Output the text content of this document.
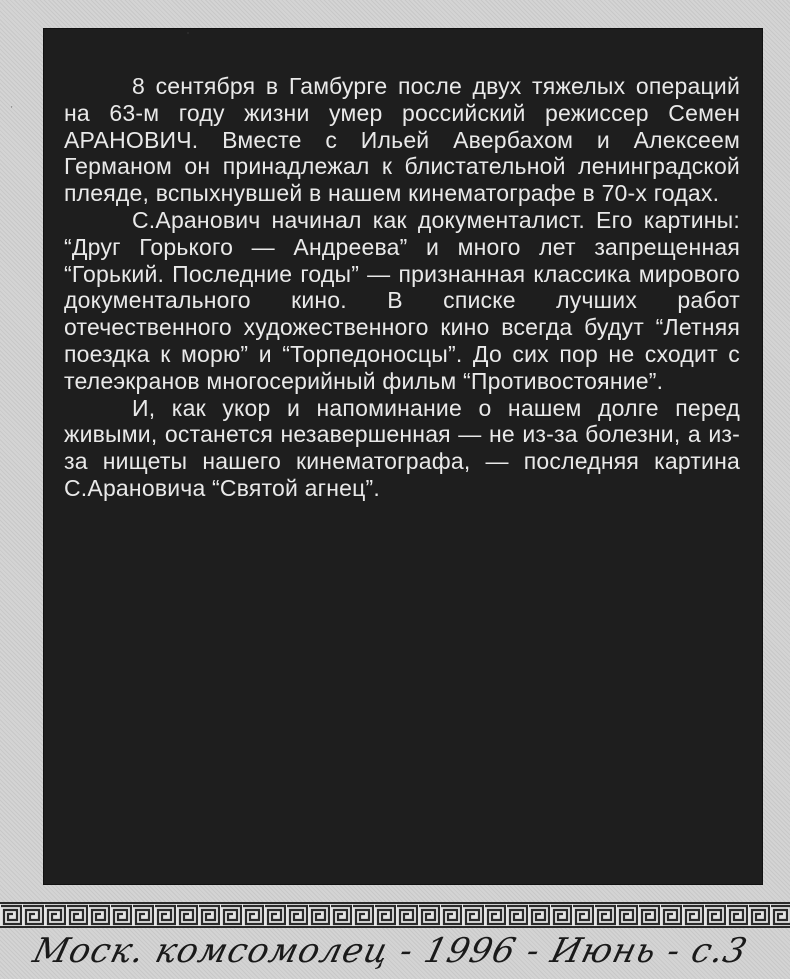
8 сентября в Гамбурге после двух тяжелых операций на 63-м году жизни умер российский режиссер Семен АРАНОВИЧ. Вместе с Ильей Авербахом и Алексеем Германом он принадлежал к блистательной ленинградской плеяде, вспыхнувшей в нашем кинематографе в 70-х годах.

С.Аранович начинал как документалист. Его картины: “Друг Горького — Андреева” и много лет запрещенная “Горький. Последние годы” — признанная классика мирового документального кино. В списке лучших работ отечественного художественного кино всегда будут “Летняя поездка к морю” и “Торпедоносцы”. До сих пор не сходит с телеэкранов многосерийный фильм “Противостояние”.

И, как укор и напоминание о нашем долге перед живыми, останется незавершенная — не из-за болезни, а из-за нищеты нашего кинематографа, — последняя картина С.Арановича “Святой агнец”.

Моск. комсомолец - 1996 - Июнь - с.3
ˈ
ˑ
